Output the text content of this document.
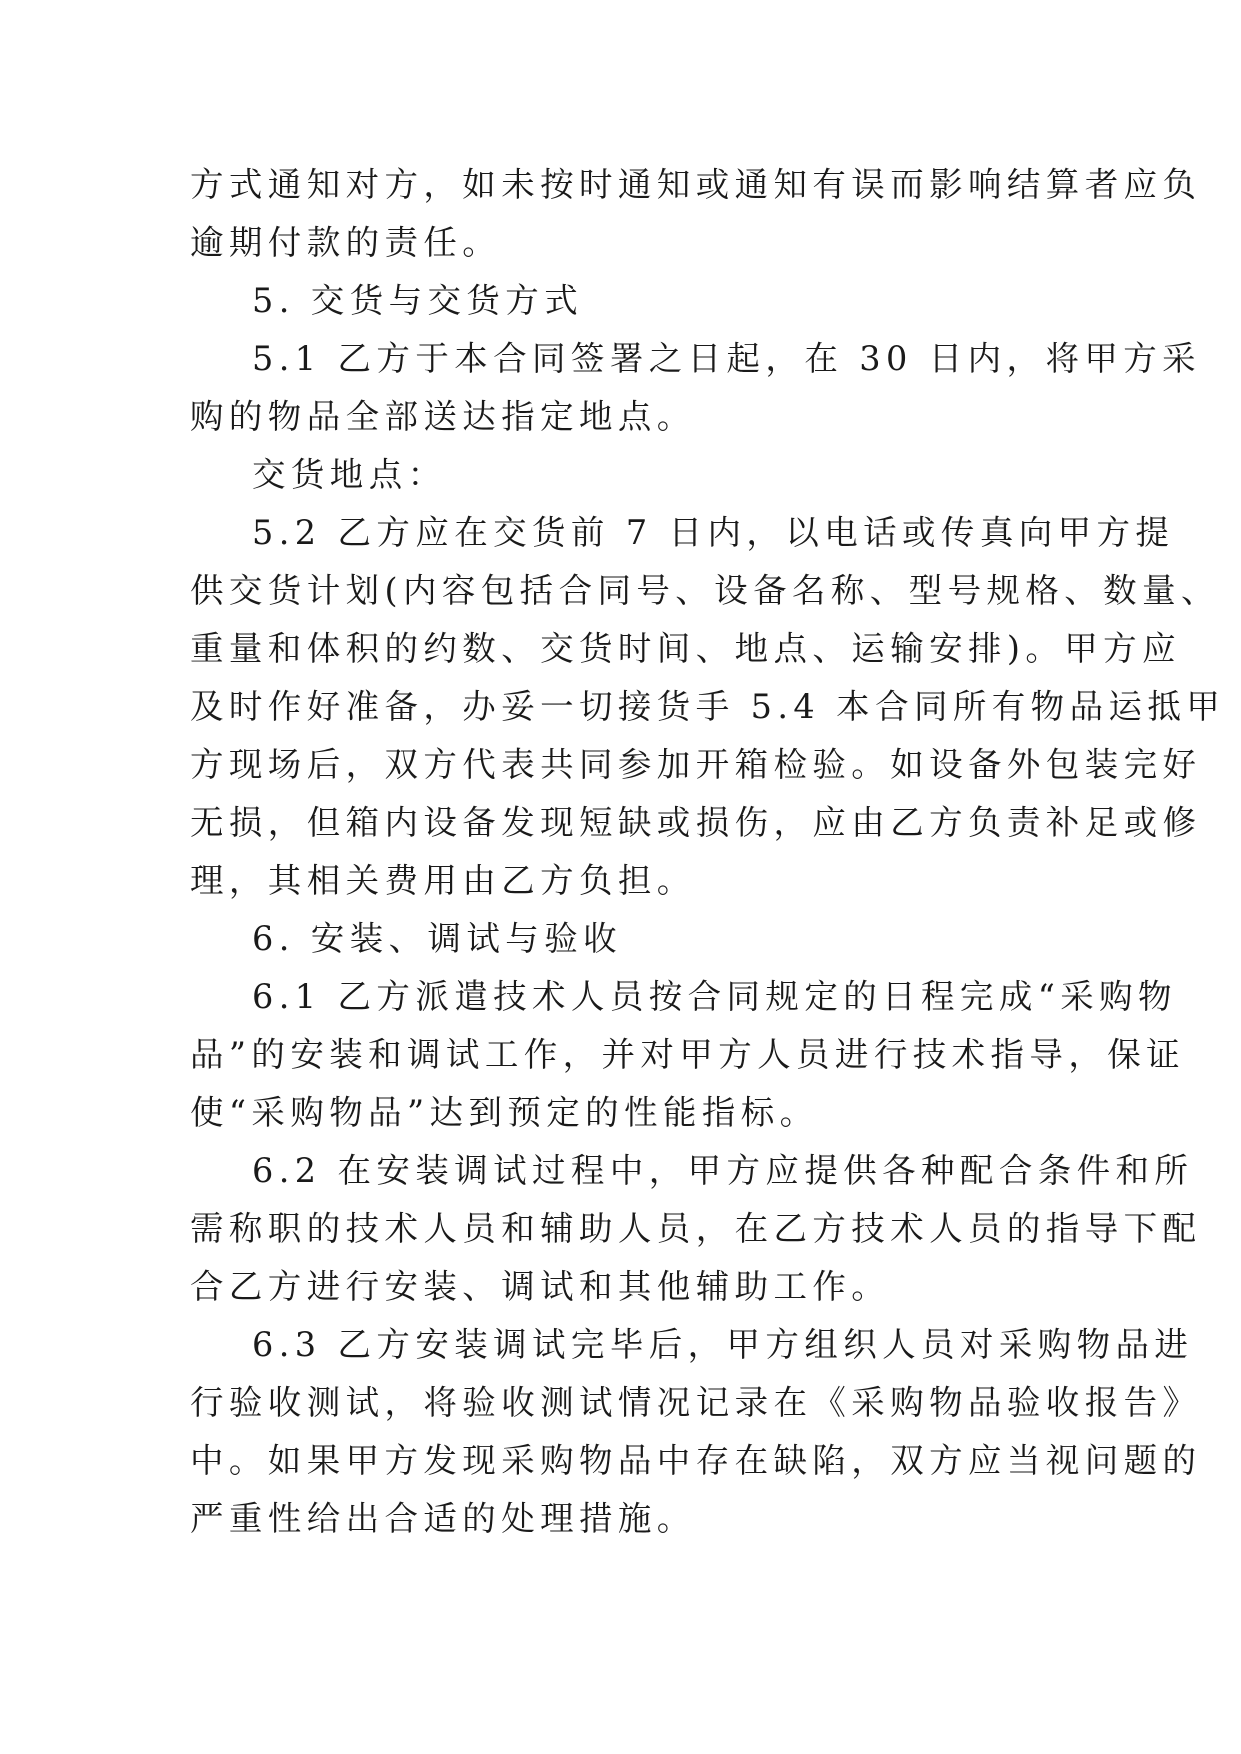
方式通知对方，如未按时通知或通知有误而影响结算者应负

逾期付款的责任。

5. 交货与交货方式

5.1 乙方于本合同签署之日起，在 30 日内，将甲方采

购的物品全部送达指定地点。

交货地点：

5.2 乙方应在交货前 7 日内，以电话或传真向甲方提

供交货计划(内容包括合同号、设备名称、型号规格、数量、

重量和体积的约数、交货时间、地点、运输安排)。甲方应

及时作好准备，办妥一切接货手 5.4 本合同所有物品运抵甲

方现场后，双方代表共同参加开箱检验。如设备外包装完好

无损，但箱内设备发现短缺或损伤，应由乙方负责补足或修

理，其相关费用由乙方负担。

6. 安装、调试与验收

6.1 乙方派遣技术人员按合同规定的日程完成“采购物

品”的安装和调试工作，并对甲方人员进行技术指导，保证

使“采购物品”达到预定的性能指标。

6.2 在安装调试过程中，甲方应提供各种配合条件和所

需称职的技术人员和辅助人员，在乙方技术人员的指导下配

合乙方进行安装、调试和其他辅助工作。

6.3 乙方安装调试完毕后，甲方组织人员对采购物品进

行验收测试，将验收测试情况记录在《采购物品验收报告》

中。如果甲方发现采购物品中存在缺陷，双方应当视问题的

严重性给出合适的处理措施。
